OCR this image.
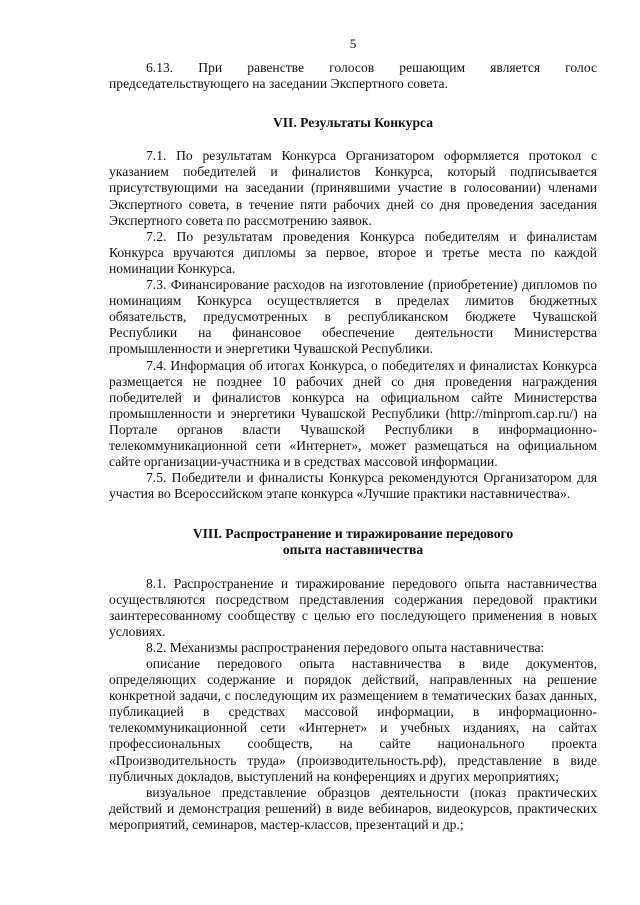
5

6.13. При равенстве голосов решающим является голос председательствующего на заседании Экспертного совета.

VII. Результаты Конкурса

7.1. По результатам Конкурса Организатором оформляется протокол с указанием победителей и финалистов Конкурса, который подписывается присутствующими на заседании (принявшими участие в голосовании) членами Экспертного совета, в течение пяти рабочих дней со дня проведения заседания Экспертного совета по рассмотрению заявок.

7.2. По результатам проведения Конкурса победителям и финалистам Конкурса вручаются дипломы за первое, второе и третье места по каждой номинации Конкурса.

7.3. Финансирование расходов на изготовление (приобретение) дипломов по номинациям Конкурса осуществляется в пределах лимитов бюджетных обязательств, предусмотренных в республиканском бюджете Чувашской Республики на финансовое обеспечение деятельности Министерства промышленности и энергетики Чувашской Республики.

7.4. Информация об итогах Конкурса, о победителях и финалистах Конкурса размещается не позднее 10 рабочих дней со дня проведения награждения победителей и финалистов конкурса на официальном сайте Министерства промышленности и энергетики Чувашской Республики (http://minprom.cap.ru/) на Портале органов власти Чувашской Республики в информационно-телекоммуникационной сети «Интернет», может размещаться на официальном сайте организации-участника и в средствах массовой информации.

7.5. Победители и финалисты Конкурса рекомендуются Организатором для участия во Всероссийском этапе конкурса «Лучшие практики наставничества».

VIII. Распространение и тиражирование передового
опыта наставничества

8.1. Распространение и тиражирование передового опыта наставничества осуществляются посредством представления содержания передовой практики заинтересованному сообществу с целью его последующего применения в новых условиях.

8.2. Механизмы распространения передового опыта наставничества:

описание передового опыта наставничества в виде документов, определяющих содержание и порядок действий, направленных на решение конкретной задачи, с последующим их размещением в тематических базах данных, публикацией в средствах массовой информации, в информационно-телекоммуникационной сети «Интернет» и учебных изданиях, на сайтах профессиональных сообществ, на сайте национального проекта «Производительность труда» (производительность.рф), представление в виде публичных докладов, выступлений на конференциях и других мероприятиях;

визуальное представление образцов деятельности (показ практических действий и демонстрация решений) в виде вебинаров, видеокурсов, практических мероприятий, семинаров, мастер-классов, презентаций и др.;
